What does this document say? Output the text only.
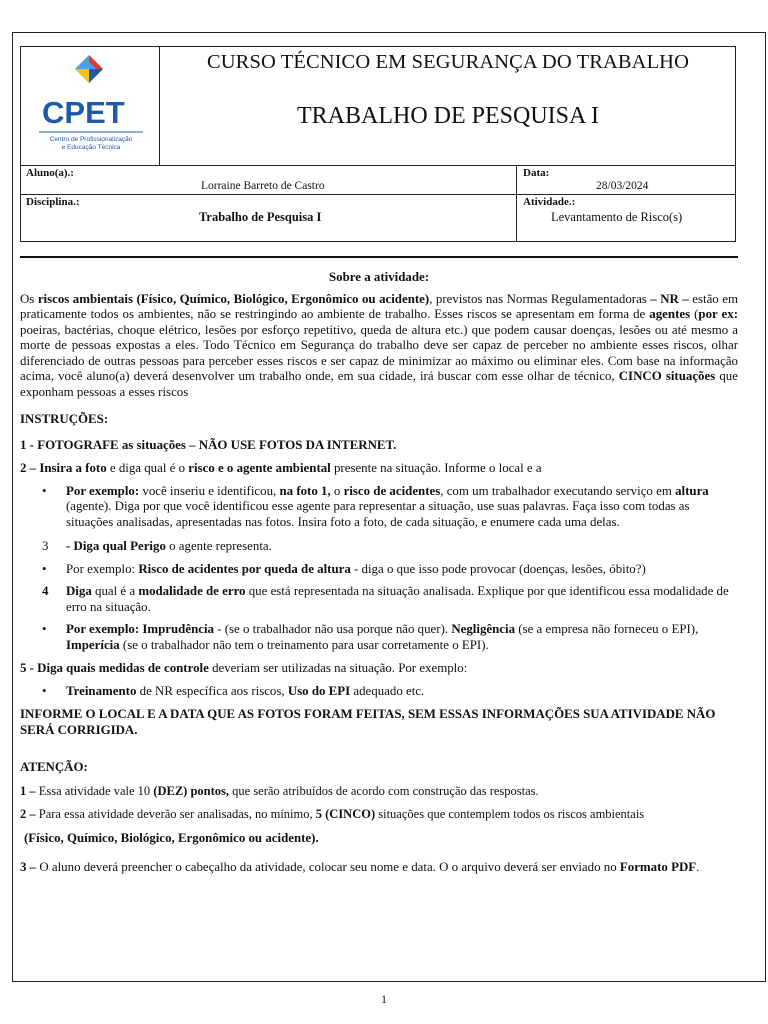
CPET
Centro de Profissionalização
e Educação Técnica
CURSO TÉCNICO EM SEGURANÇA DO TRABALHO
TRABALHO DE PESQUISA I
Aluno(a).:
Lorraine Barreto de Castro
Data:
28/03/2024
Disciplina.:
Trabalho de Pesquisa I
Atividade.:
Levantamento de Risco(s)

Sobre a atividade:

Os riscos ambientais (Físico, Químico, Biológico, Ergonômico ou acidente), previstos nas Normas Regulamentadoras – NR – estão em praticamente todos os ambientes, não se restringindo ao ambiente de trabalho. Esses riscos se apresentam em forma de agentes (por ex: poeiras, bactérias, choque elétrico, lesões por esforço repetitivo, queda de altura etc.) que podem causar doenças, lesões ou até mesmo a morte de pessoas expostas a eles. Todo Técnico em Segurança do trabalho deve ser capaz de perceber no ambiente esses riscos, olhar diferenciado de outras pessoas para perceber esses riscos e ser capaz de minimizar ao máximo ou eliminar eles. Com base na informação acima, você aluno(a) deverá desenvolver um trabalho onde, em sua cidade, irá buscar com esse olhar de técnico, CINCO situações que exponham pessoas a esses riscos

INSTRUÇÕES:

1 - FOTOGRAFE as situações – NÃO USE FOTOS DA INTERNET.

2 – Insira a foto e diga qual é o risco e o agente ambiental presente na situação. Informe o local e a

• Por exemplo: você inseriu e identificou, na foto 1, o risco de acidentes, com um trabalhador executando serviço em altura (agente). Diga por que você identificou esse agente para representar a situação, use suas palavras. Faça isso com todas as situações analisadas, apresentadas nas fotos. Insira foto a foto, de cada situação, e enumere cada uma delas.

3 - Diga qual Perigo o agente representa.

• Por exemplo: Risco de acidentes por queda de altura - diga o que isso pode provocar (doenças, lesões, óbito?)

4 Diga qual é a modalidade de erro que está representada na situação analisada. Explique por que identificou essa modalidade de erro na situação.

• Por exemplo: Imprudência - (se o trabalhador não usa porque não quer). Negligência (se a empresa não forneceu o EPI), Imperícia (se o trabalhador não tem o treinamento para usar corretamente o EPI).

5 - Diga quais medidas de controle deveriam ser utilizadas na situação. Por exemplo:

• Treinamento de NR específica aos riscos, Uso do EPI adequado etc.

INFORME O LOCAL E A DATA QUE AS FOTOS FORAM FEITAS, SEM ESSAS INFORMAÇÕES SUA ATIVIDADE NÃO SERÁ CORRIGIDA.

ATENÇÃO:

1 – Essa atividade vale 10 (DEZ) pontos, que serão atribuídos de acordo com construção das respostas.

2 – Para essa atividade deverão ser analisadas, no mínimo, 5 (CINCO) situações que contemplem todos os riscos ambientais

(Físico, Químico, Biológico, Ergonômico ou acidente).

3 – O aluno deverá preencher o cabeçalho da atividade, colocar seu nome e data. O o arquivo deverá ser enviado no Formato PDF.

1
